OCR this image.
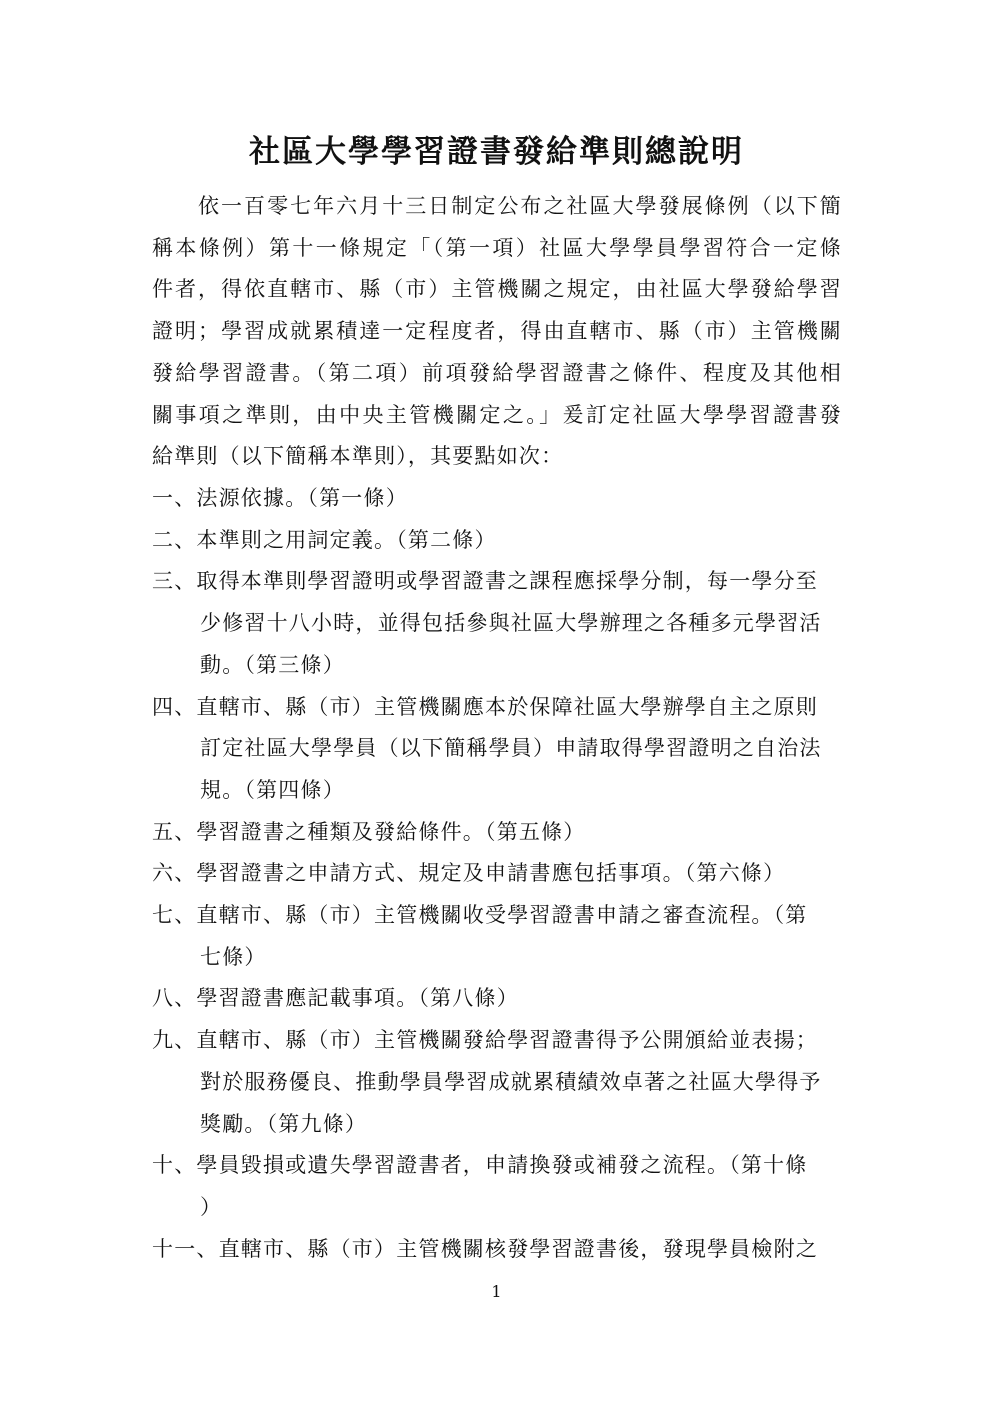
社區大學學習證書發給準則總說明
依一百零七年六月十三日制定公布之社區大學發展條例（以下簡
稱本條例）第十一條規定「（第一項）社區大學學員學習符合一定條
件者，得依直轄市、縣（市）主管機關之規定，由社區大學發給學習
證明；學習成就累積達一定程度者，得由直轄市、縣（市）主管機關
發給學習證書。（第二項）前項發給學習證書之條件、程度及其他相
關事項之準則，由中央主管機關定之。」爰訂定社區大學學習證書發
給準則（以下簡稱本準則），其要點如次：
一、法源依據。（第一條）
二、本準則之用詞定義。（第二條）
三、取得本準則學習證明或學習證書之課程應採學分制，每一學分至
少修習十八小時，並得包括參與社區大學辦理之各種多元學習活
動。（第三條）
四、直轄市、縣（市）主管機關應本於保障社區大學辦學自主之原則
訂定社區大學學員（以下簡稱學員）申請取得學習證明之自治法
規。（第四條）
五、學習證書之種類及發給條件。（第五條）
六、學習證書之申請方式、規定及申請書應包括事項。（第六條）
七、直轄市、縣（市）主管機關收受學習證書申請之審查流程。（第
七條）
八、學習證書應記載事項。（第八條）
九、直轄市、縣（市）主管機關發給學習證書得予公開頒給並表揚；
對於服務優良、推動學員學習成就累積績效卓著之社區大學得予
獎勵。（第九條）
十、學員毀損或遺失學習證書者，申請換發或補發之流程。（第十條
）
十一、直轄市、縣（市）主管機關核發學習證書後，發現學員檢附之
1
